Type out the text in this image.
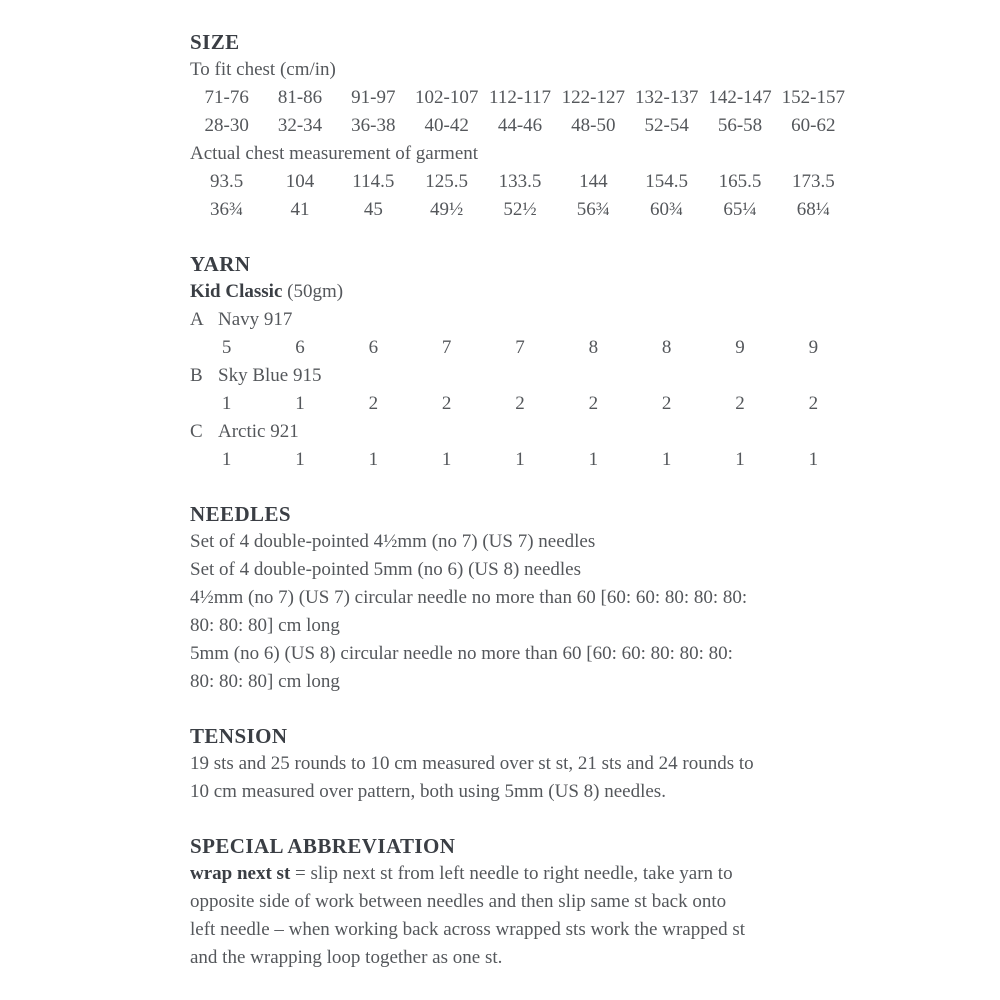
SIZE

To fit chest (cm/in)

71-76	81-86	91-97	102-107 112-117 122-127 132-137 142-147 152-157
28-30	32-34	36-38	40-42	44-46	48-50	52-54	56-58	60-62

Actual chest measurement of garment

93.5	104	114.5	125.5	133.5	144	154.5	165.5	173.5
36¾	41	45	49½	52½	56¾	60¾	65¼	68¼
YARN

Kid Classic (50gm)

A Navy 917

5	6	6	7	7	8	8	9	9

B Sky Blue 915

1	1	2	2	2	2	2	2	2

C Arctic 921

1	1	1	1	1	1	1	1	1
NEEDLES
Set of 4 double-pointed 4½mm (no 7) (US 7) needles
Set of 4 double-pointed 5mm (no 6) (US 8) needles
4½mm (no 7) (US 7) circular needle no more than 60 [60: 60: 80: 80: 80:
80: 80: 80] cm long
5mm (no 6) (US 8) circular needle no more than 60 [60: 60: 80: 80: 80:
80: 80: 80] cm long
TENSION
19 sts and 25 rounds to 10 cm measured over st st, 21 sts and 24 rounds to
10 cm measured over pattern, both using 5mm (US 8) needles.
SPECIAL ABBREVIATION

wrap next st = slip next st from left needle to right needle, take yarn to

opposite side of work between needles and then slip same st back onto
left needle – when working back across wrapped sts work the wrapped st
and the wrapping loop together as one st.
